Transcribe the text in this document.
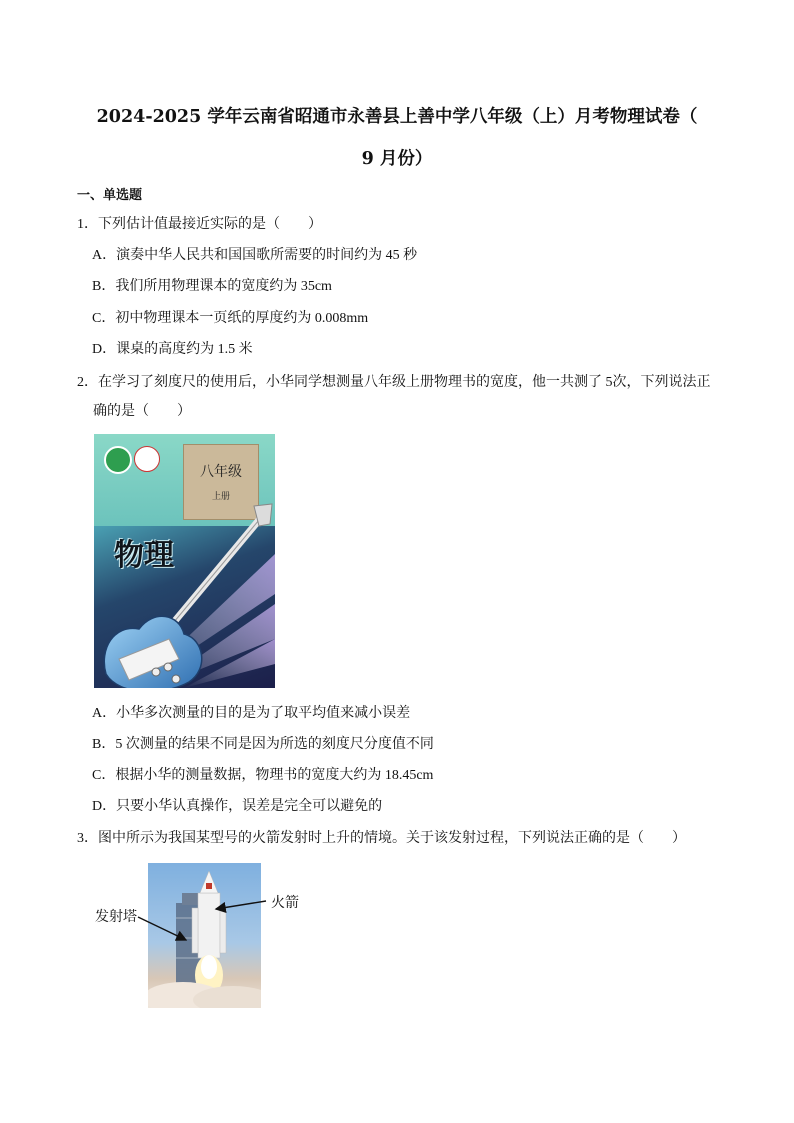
2024-2025 学年云南省昭通市永善县上善中学八年级（上）月考物理试卷（
9 月份）
一、单选题
1．下列估计值最接近实际的是（　　）
A．演奏中华人民共和国国歌所需要的时间约为 45 秒
B．我们所用物理课本的宽度约为 35cm
C．初中物理课本一页纸的厚度约为 0.008mm
D．课桌的高度约为 1.5 米
2．在学习了刻度尺的使用后，小华同学想测量八年级上册物理书的宽度，他一共测了 5次，下列说法正
确的是（　　）
八年级
上册
物理
A．小华多次测量的目的是为了取平均值来减小误差
B．5 次测量的结果不同是因为所选的刻度尺分度值不同
C．根据小华的测量数据，物理书的宽度大约为 18.45cm
D．只要小华认真操作，误差是完全可以避免的
3．图中所示为我国某型号的火箭发射时上升的情境。关于该发射过程，下列说法正确的是（　　）
火箭
发射塔
